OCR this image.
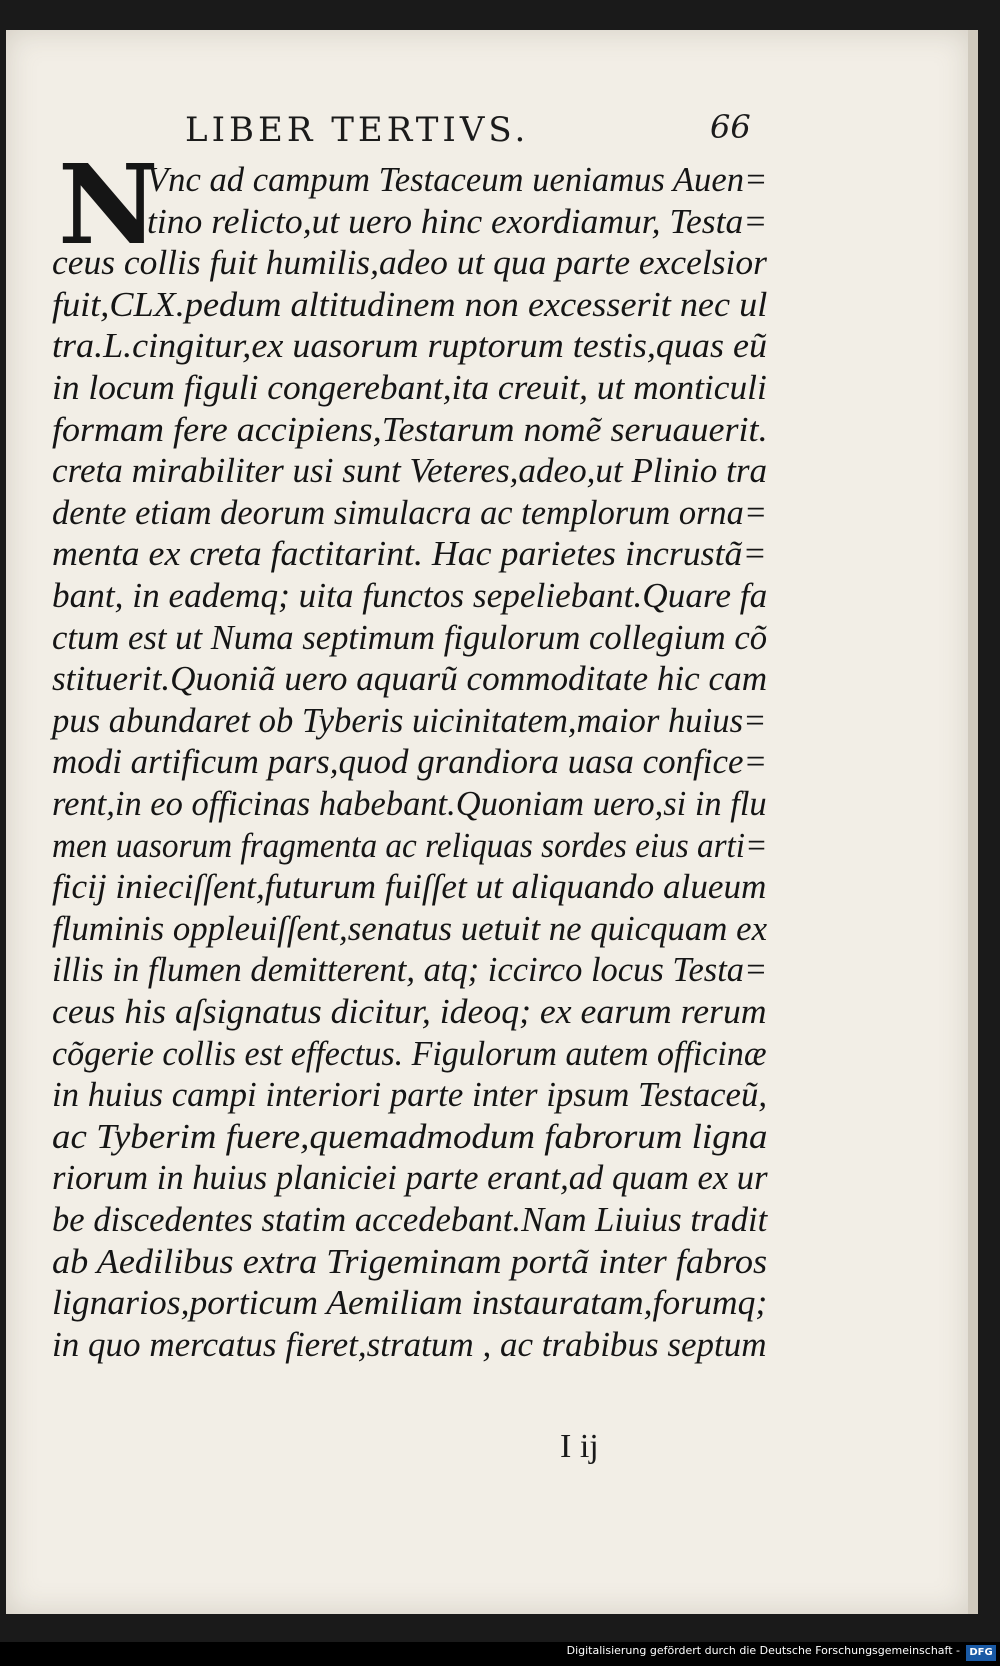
LIBER TERTIVS.	66
N
Vnc ad campum Testaceum ueniamus Auen=
tino relicto,ut uero hinc exordiamur, Testa=
ceus collis fuit humilis,adeo ut qua parte excelsior
fuit,CLX.pedum altitudinem non excesserit nec ul
tra.L.cingitur,ex uasorum ruptorum testis,quas eũ
in locum figuli congerebant,ita creuit, ut monticuli
formam fere accipiens,Testarum nomẽ seruauerit.
creta mirabiliter usi sunt Veteres,adeo,ut Plinio tra
dente etiam deorum simulacra ac templorum orna=
menta ex creta factitarint. Hac parietes incrustã=
bant, in eademq; uita functos sepeliebant.Quare fa
ctum est ut Numa septimum figulorum collegium cõ
stituerit.Quoniã uero aquarũ commoditate hic cam
pus abundaret ob Tyberis uicinitatem,maior huius=
modi artificum pars,quod grandiora uasa confice=
rent,in eo officinas habebant.Quoniam uero,si in flu
men uasorum fragmenta ac reliquas sordes eius arti=
ficij inieciſſent,futurum fuiſſet ut aliquando alueum
fluminis oppleuiſſent,senatus uetuit ne quicquam ex
illis in flumen demitterent, atq; iccirco locus Testa=
ceus his aſsignatus dicitur, ideoq; ex earum rerum
cõgerie collis est effectus. Figulorum autem officinæ
in huius campi interiori parte inter ipsum Testaceũ,
ac Tyberim fuere,quemadmodum fabrorum ligna
riorum in huius planiciei parte erant,ad quam ex ur
be discedentes statim accedebant.Nam Liuius tradit
ab Aedilibus extra Trigeminam portã inter fabros
lignarios,porticum Aemiliam instauratam,forumq;
in quo mercatus fieret,stratum , ac trabibus septum
I ij
Digitalisierung gefördert durch die Deutsche Forschungsgemeinschaft - DFG
